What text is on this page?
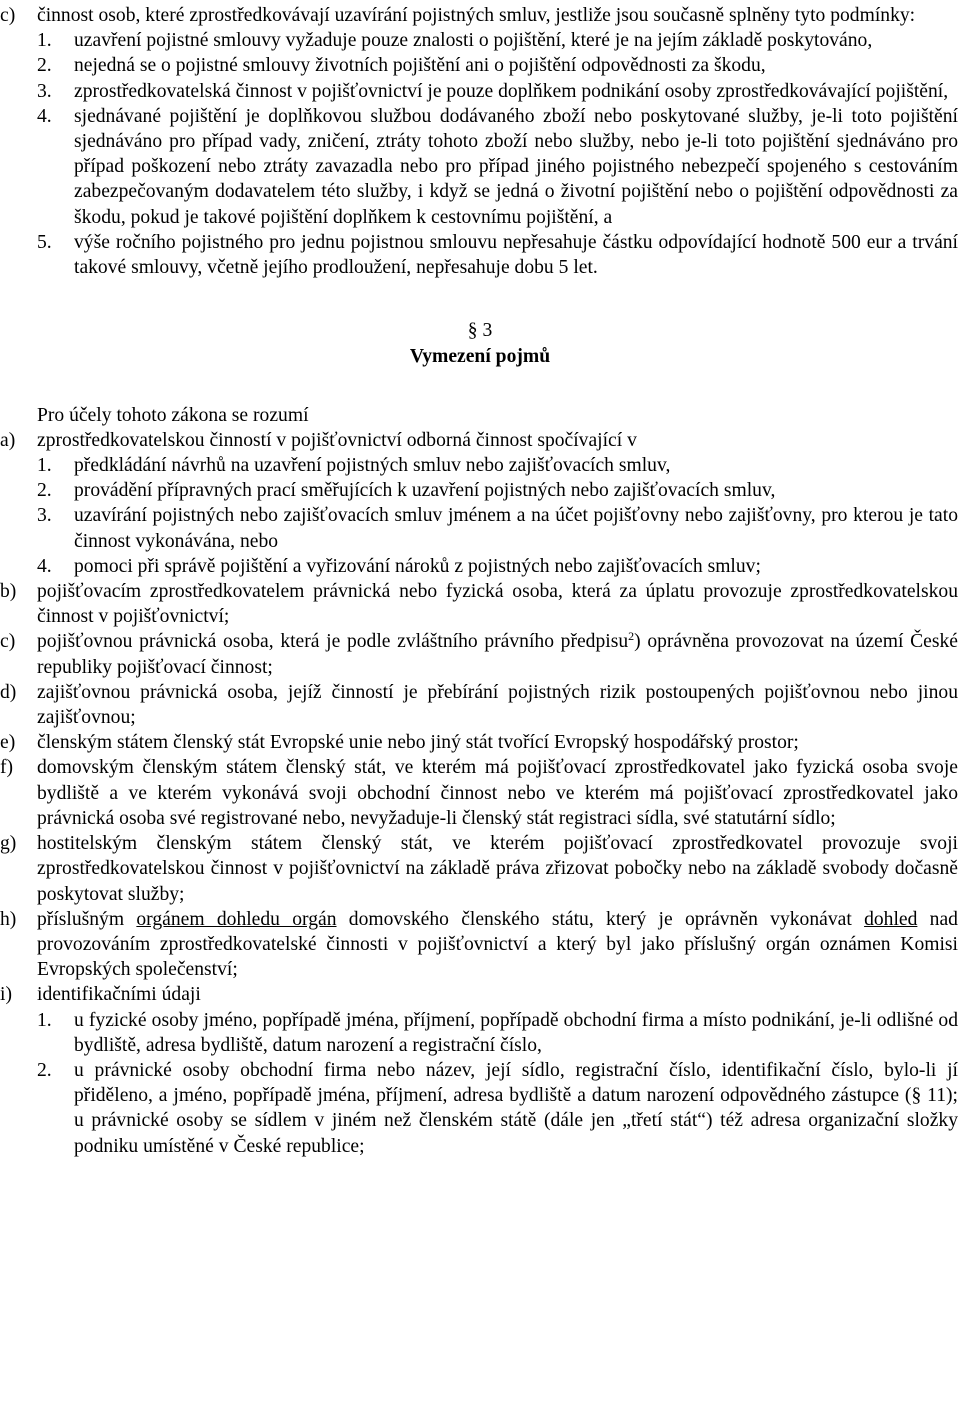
c) činnost osob, které zprostředkovávají uzavírání pojistných smluv, jestliže jsou současně splněny tyto podmínky:
1. uzavření pojistné smlouvy vyžaduje pouze znalosti o pojištění, které je na jejím základě poskytováno,
2. nejedná se o pojistné smlouvy životních pojištění ani o pojištění odpovědnosti za škodu,
3. zprostředkovatelská činnost v pojišťovnictví je pouze doplňkem podnikání osoby zprostředkovávající pojištění,
4. sjednávané pojištění je doplňkovou službou dodávaného zboží nebo poskytované služby, je-li toto pojištění sjednáváno pro případ vady, zničení, ztráty tohoto zboží nebo služby, nebo je-li toto pojištění sjednáváno pro případ poškození nebo ztráty zavazadla nebo pro případ jiného pojistného nebezpečí spojeného s cestováním zabezpečovaným dodavatelem této služby, i když se jedná o životní pojištění nebo o pojištění odpovědnosti za škodu, pokud je takové pojištění doplňkem k cestovnímu pojištění, a
5. výše ročního pojistného pro jednu pojistnou smlouvu nepřesahuje částku odpovídající hodnotě 500 eur a trvání takové smlouvy, včetně jejího prodloužení, nepřesahuje dobu 5 let.
§ 3
Vymezení pojmů
Pro účely tohoto zákona se rozumí
a) zprostředkovatelskou činností v pojišťovnictví odborná činnost spočívající v
1. předkládání návrhů na uzavření pojistných smluv nebo zajišťovacích smluv,
2. provádění přípravných prací směřujících k uzavření pojistných nebo zajišťovacích smluv,
3. uzavírání pojistných nebo zajišťovacích smluv jménem a na účet pojišťovny nebo zajišťovny, pro kterou je tato činnost vykonávána, nebo
4. pomoci při správě pojištění a vyřizování nároků z pojistných nebo zajišťovacích smluv;
b) pojišťovacím zprostředkovatelem právnická nebo fyzická osoba, která za úplatu provozuje zprostředkovatelskou činnost v pojišťovnictví;
c) pojišťovnou právnická osoba, která je podle zvláštního právního předpisu$^2$) oprávněna provozovat na území České republiky pojišťovací činnost;
d) zajišťovnou právnická osoba, jejíž činností je přebírání pojistných rizik postoupených pojišťovnou nebo jinou zajišťovnou;
e) členským státem členský stát Evropské unie nebo jiný stát tvořící Evropský hospodářský prostor;
f) domovským členským státem členský stát, ve kterém má pojišťovací zprostředkovatel jako fyzická osoba svoje bydliště a ve kterém vykonává svoji obchodní činnost nebo ve kterém má pojišťovací zprostředkovatel jako právnická osoba své registrované nebo, nevyžaduje-li členský stát registraci sídla, své statutární sídlo;
g) hostitelským členským státem členský stát, ve kterém pojišťovací zprostředkovatel provozuje svoji zprostředkovatelskou činnost v pojišťovnictví na základě práva zřizovat pobočky nebo na základě svobody dočasně poskytovat služby;
h) příslušným orgánem dohledu orgán domovského členského státu, který je oprávněn vykonávat dohled nad provozováním zprostředkovatelské činnosti v pojišťovnictví a který byl jako příslušný orgán oznámen Komisi Evropských společenství;
i) identifikačními údaji
1. u fyzické osoby jméno, popřípadě jména, příjmení, popřípadě obchodní firma a místo podnikání, je-li odlišné od bydliště, adresa bydliště, datum narození a registrační číslo,
2. u právnické osoby obchodní firma nebo název, její sídlo, registrační číslo, identifikační číslo, bylo-li jí přiděleno, a jméno, popřípadě jména, příjmení, adresa bydliště a datum narození odpovědného zástupce (§ 11); u právnické osoby se sídlem v jiném než členském státě (dále jen „třetí stát“) též adresa organizační složky podniku umístěné v České republice;
